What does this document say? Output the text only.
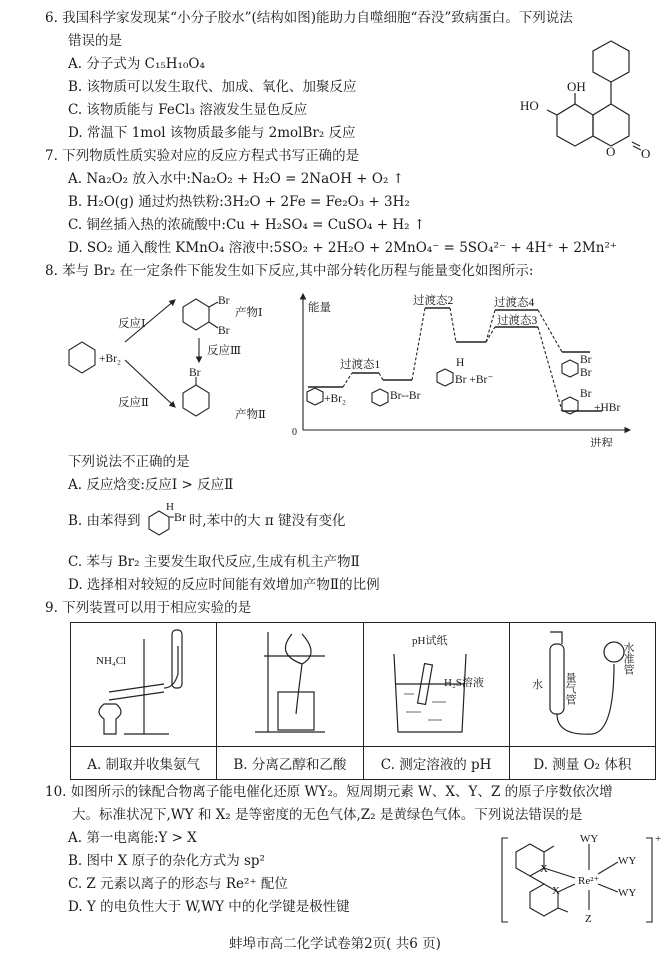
6. 我国科学家发现某“小分子胶水”(结构如图)能助力自噬细胞“吞没”致病蛋白。下列说法
错误的是
A. 分子式为 C₁₅H₁₀O₄
B. 该物质可以发生取代、加成、氧化、加聚反应
C. 该物质能与 FeCl₃ 溶液发生显色反应
D. 常温下 1mol 该物质最多能与 2molBr₂ 反应
OH
HO
O O
7. 下列物质性质实验对应的反应方程式书写正确的是
A. Na₂O₂ 放入水中:Na₂O₂ + H₂O = 2NaOH + O₂ ↑
B. H₂O(g) 通过灼热铁粉:3H₂O + 2Fe = Fe₂O₃ + 3H₂
C. 铜丝插入热的浓硫酸中:Cu + H₂SO₄ = CuSO₄ + H₂ ↑
D. SO₂ 通入酸性 KMnO₄ 溶液中:5SO₂ + 2H₂O + 2MnO₄⁻ = 5SO₄²⁻ + 4H⁺ + 2Mn²⁺
8. 苯与 Br₂ 在一定条件下能发生如下反应,其中部分转化历程与能量变化如图所示:
+Br₂
反应Ⅰ
反应Ⅱ
反应Ⅲ
产物Ⅰ
产物Ⅱ
Br
Br
Br
能量
进程
0
过渡态1
过渡态2
过渡态3
过渡态4
+Br₂	Br--Br
H
Br +Br⁻
Br
Br
Br
+HBr
下列说法不正确的是
A. 反应焓变:反应Ⅰ > 反应Ⅱ
B. 由苯得到
H
Br 时,苯中的大 π 键没有变化
C. 苯与 Br₂ 主要发生取代反应,生成有机主产物Ⅱ
D. 选择相对较短的反应时间能有效增加产物Ⅱ的比例
9. 下列装置可以用于相应实验的是
NH₄Cl		pH试纸
H₂S溶液	量气管
水准管
水

A. 制取并收集氨气	B. 分离乙醇和乙酸	C. 测定溶液的 pH	D. 测量 O₂ 体积
10. 如图所示的铼配合物离子能电催化还原 WY₂。短周期元素 W、X、Y、Z 的原子序数依次增
大。标准状况下,WY 和 X₂ 是等密度的无色气体,Z₂ 是黄绿色气体。下列说法错误的是
A. 第一电离能:Y > X
B. 图中 X 原子的杂化方式为 sp²
C. Z 元素以离子的形态与 Re²⁺ 配位
D. Y 的电负性大于 W,WY 中的化学键是极性键
WY
WY
WY
X
X
Re²⁺
Z
+
蚌埠市高二化学试卷第2页( 共6 页)
